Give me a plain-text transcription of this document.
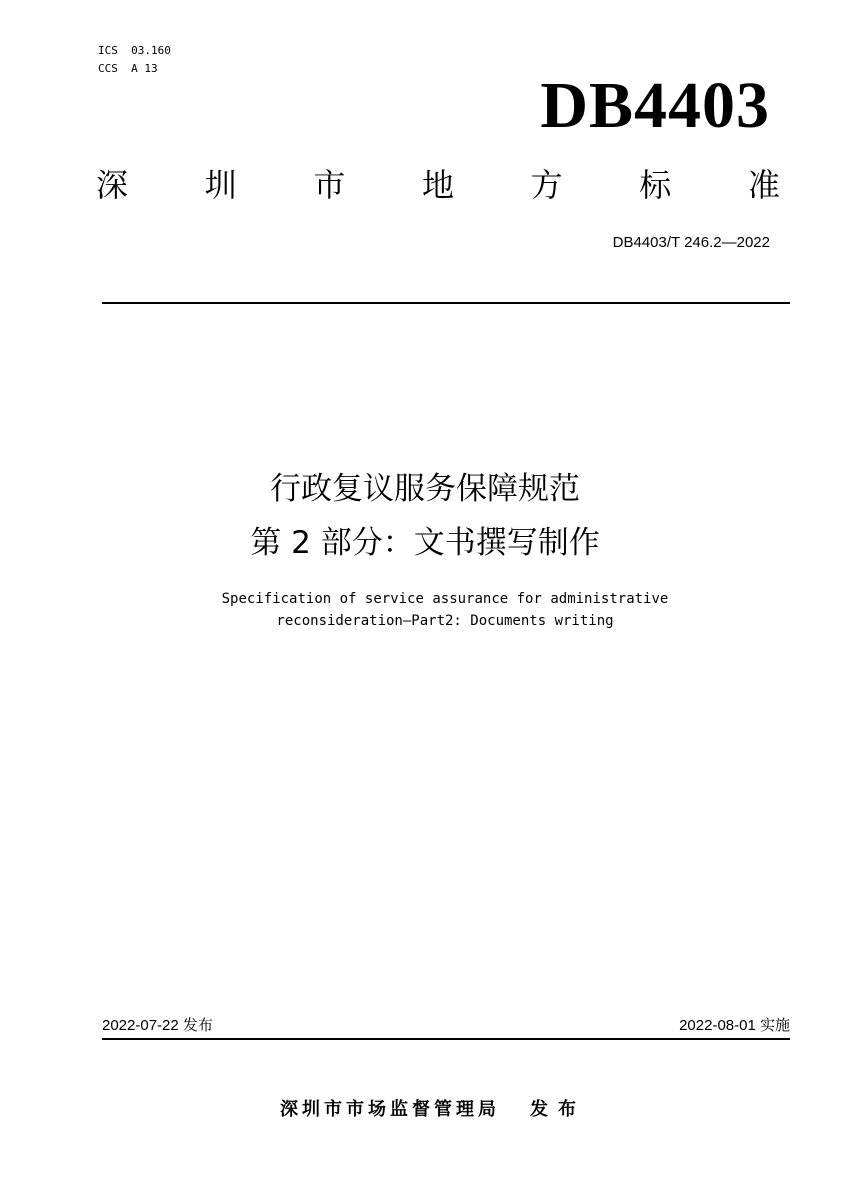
ICS  03.160
CCS  A 13
DB4403
深 圳 市 地 方 标 准
DB4403/T 246.2—2022
行政复议服务保障规范
第 2 部分：文书撰写制作
Specification of service assurance for administrative
reconsideration—Part2: Documents writing
2022-07-22 发布	2022-08-01 实施
深圳市市场监督管理局 发布
